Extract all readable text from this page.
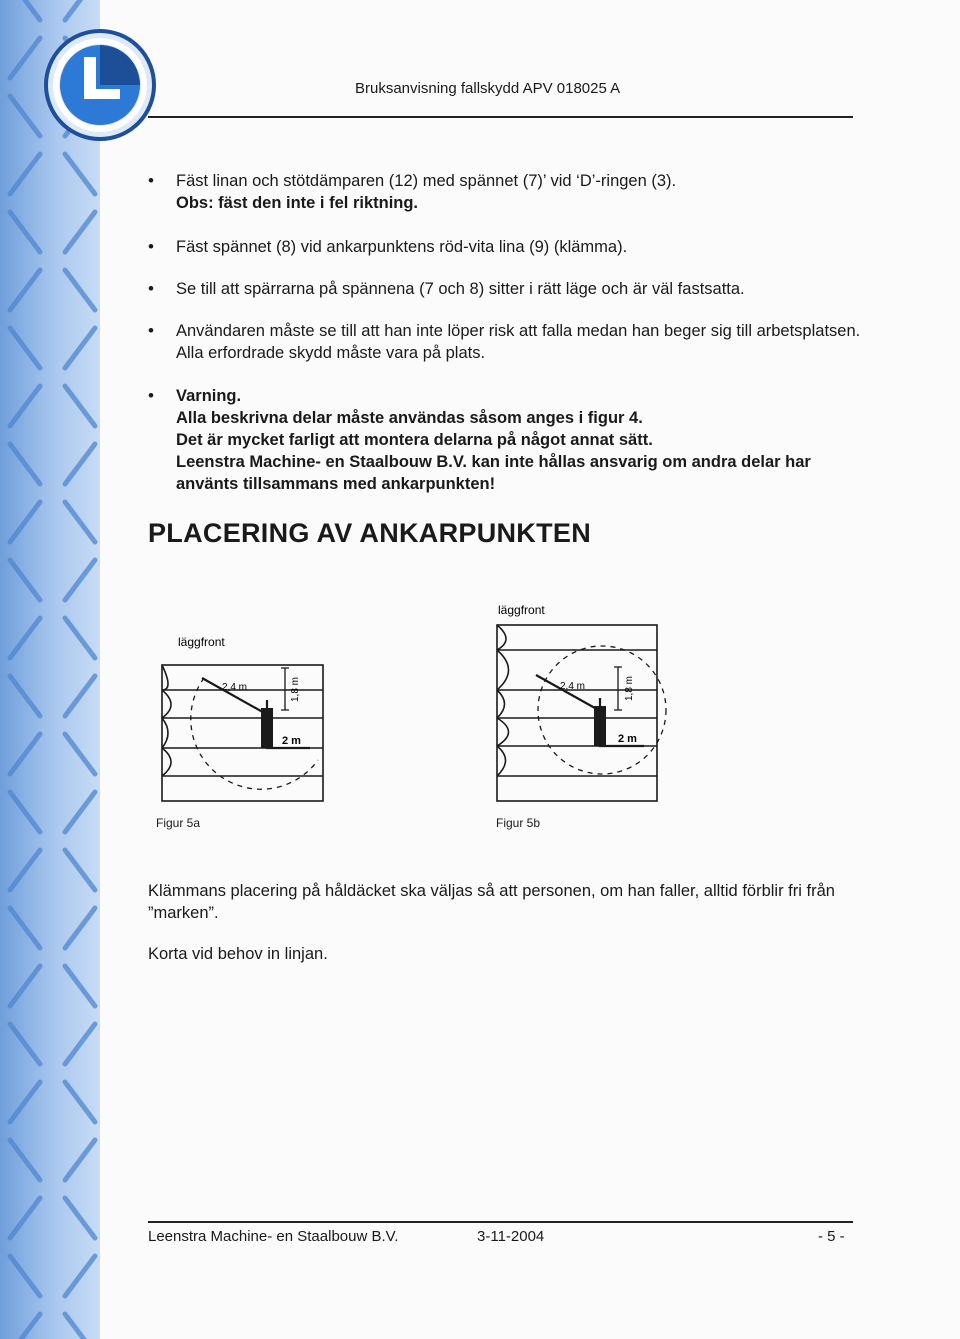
Bruksanvisning fallskydd APV 018025 A
• Fäst linan och stötdämparen (12) med spännet (7)’ vid ‘D’-ringen (3).
Obs: fäst den inte i fel riktning.
• Fäst spännet (8) vid ankarpunktens röd-vita lina (9) (klämma).
• Se till att spärrarna på spännena (7 och 8) sitter i rätt läge och är väl fastsatta.
• Användaren måste se till att han inte löper risk att falla medan han beger sig till arbetsplatsen. Alla erfordrade skydd måste vara på plats.
• Varning.
Alla beskrivna delar måste användas såsom anges i figur 4.
Det är mycket farligt att montera delarna på något annat sätt.
Leenstra Machine- en Staalbouw B.V. kan inte hållas ansvarig om andra delar har använts tillsammans med ankarpunkten!
PLACERING AV ANKARPUNKTEN
läggfront
2,4 m	1,8 m
2 m
Figur 5a
läggfront
2,4 m	1,8 m
2 m
Figur 5b

Klämmans placering på håldäcket ska väljas så att personen, om han faller, alltid förblir fri från ”marken”.

Korta vid behov in linjan.

Leenstra Machine- en Staalbouw B.V.	3-11-2004	- 5 -
